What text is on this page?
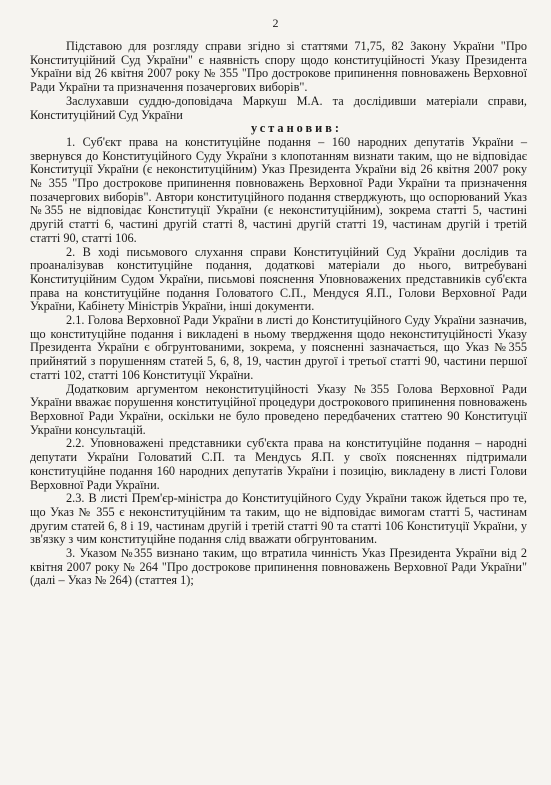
2

Підставою для розгляду справи згідно зі статтями 71,75, 82 Закону України "Про Конституційний Суд України" є наявність спору щодо конституційності Указу Президента України від 26 квітня 2007 року № 355 "Про дострокове припинення повноважень Верховної Ради України та призначення позачергових виборів".

Заслухавши суддю-доповідача Маркуш М.А. та дослідивши матеріали справи, Конституційний Суд України

установив:

1. Суб'єкт права на конституційне подання – 160 народних депутатів України – звернувся до Конституційного Суду України з клопотанням визнати таким, що не відповідає Конституції України (є неконституційним) Указ Президента України від 26 квітня 2007 року № 355 "Про дострокове припинення повноважень Верховної Ради України та призначення позачергових виборів". Автори конституційного подання стверджують, що оспорюваний Указ №355 не відповідає Конституції України (є неконституційним), зокрема статті 5, частині другій статті 6, частині другій статті 8, частині другій статті 19, частинам другій і третій статті 90, статті 106.

2. В ході письмового слухання справи Конституційний Суд України дослідив та проаналізував конституційне подання, додаткові матеріали до нього, витребувані Конституційним Судом України, письмові пояснення Уповноважених представників суб'єкта права на конституційне подання Головатого С.П., Мендуся Я.П., Голови Верховної Ради України, Кабінету Міністрів України, інші документи.

2.1. Голова Верховної Ради України в листі до Конституційного Суду України зазначив, що конституційне подання і викладені в ньому твердження щодо неконституційності Указу Президента України є обгрунтованими, зокрема, у поясненні зазначається, що Указ №355 прийнятий з порушенням статей 5, 6, 8, 19, частин другої і третьої статті 90, частини першої статті 102, статті 106 Конституції України.

Додатковим аргументом неконституційності Указу №355 Голова Верховної Ради України вважає порушення конституційної процедури дострокового припинення повноважень Верховної Ради України, оскільки не було проведено передбачених статтею 90 Конституції України консультацій.

2.2. Уповноважені представники суб'єкта права на конституційне подання – народні депутати України Головатий С.П. та Мендусь Я.П. у своїх поясненнях підтримали конституційне подання 160 народних депутатів України і позицію, викладену в листі Голови Верховної Ради України.

2.3. В листі Прем'єр-міністра до Конституційного Суду України також йдеться про те, що Указ № 355 є неконституційним та таким, що не відповідає вимогам статті 5, частинам другим статей 6, 8 і 19, частинам другій і третій статті 90 та статті 106 Конституції України, у зв'язку з чим конституційне подання слід вважати обгрунтованим.

3. Указом №355 визнано таким, що втратила чинність Указ Президента України від 2 квітня 2007 року № 264 "Про дострокове припинення повноважень Верховної Ради України" (далі – Указ № 264) (статтея 1);
